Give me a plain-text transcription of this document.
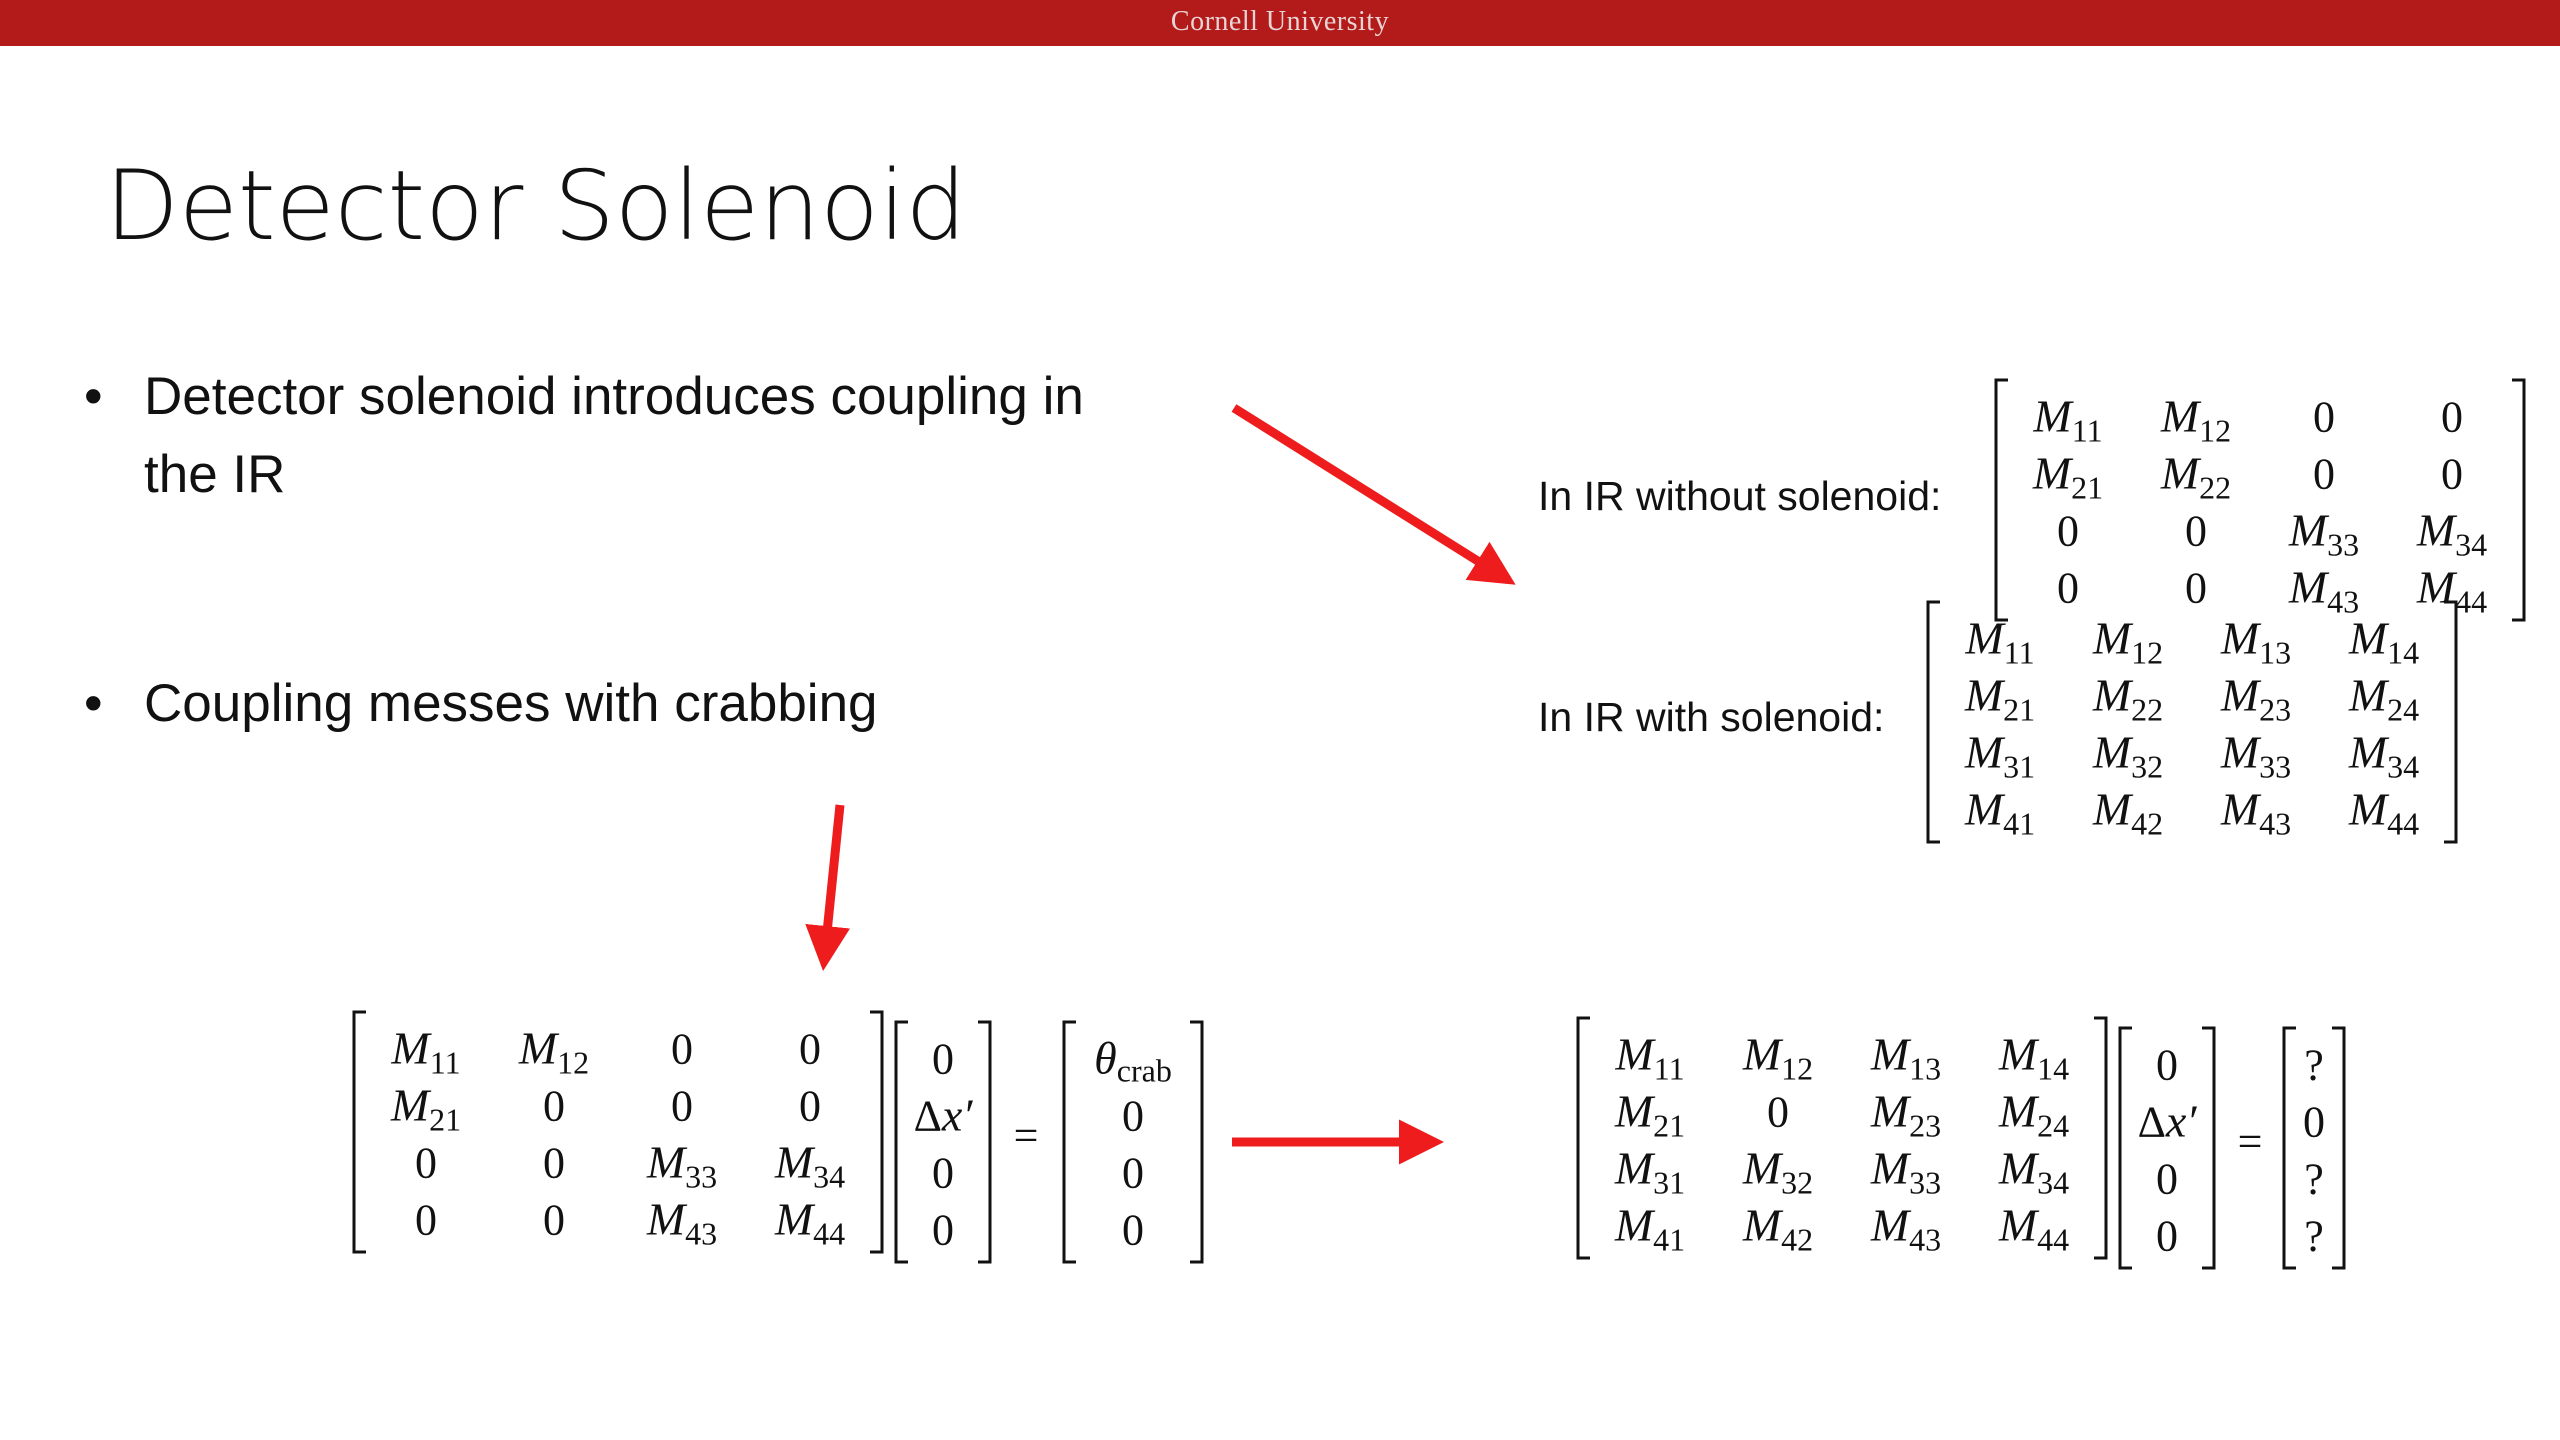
Cornell University
Detector Solenoid
• Detector solenoid introduces coupling in
the IR
• Coupling messes with crabbing
In IR without solenoid:
In IR with solenoid:
M11 M12 0 0
M21 M22 0 0
0 0 M33 M34
0 0 M43 M44
M11 M12 M13 M14
M21 M22 M23 M24
M31 M32 M33 M34
M41 M42 M43 M44
M11 M12 0 0
M21 0 0 0
0 0 M33 M34
0 0 M43 M44
0
Δx′
0
0
=
θcrab
0
0
0
M11 M12 M13 M14
M21 0 M23 M24
M31 M32 M33 M34
M41 M42 M43 M44
0
Δx′
0
0
=
?
0
?
?
